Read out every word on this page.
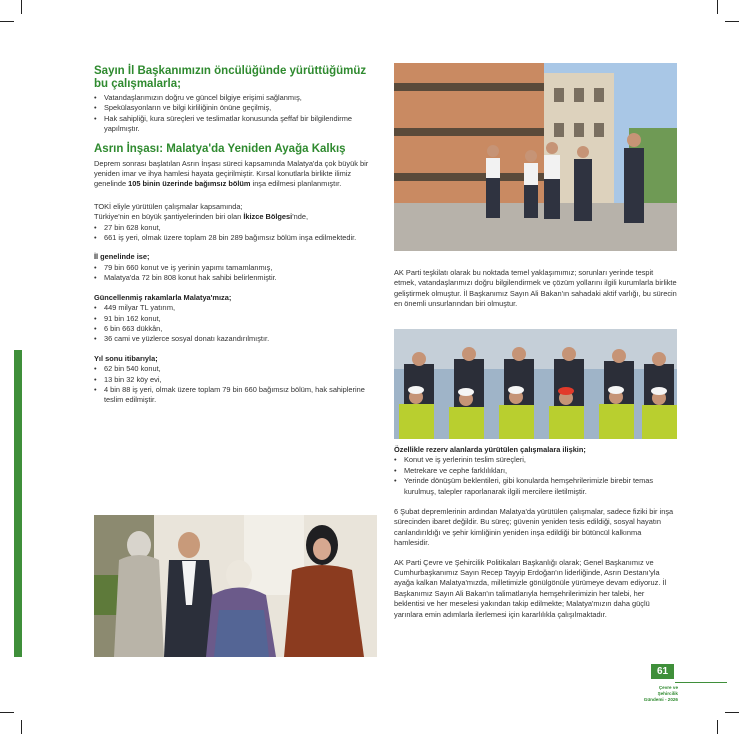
Sayın İl Başkanımızın öncülüğünde yürüttüğümüz bu çalışmalarla;

• Vatandaşlarımızın doğru ve güncel bilgiye erişimi sağlanmış,
• Spekülasyonların ve bilgi kirliliğinin önüne geçilmiş,
• Hak sahipliği, kura süreçleri ve teslimatlar konusunda şeffaf bir bilgilendirme yapılmıştır.

Asrın İnşası: Malatya'da Yeniden Ayağa Kalkış

Deprem sonrası başlatılan Asrın İnşası süreci kapsamında Malatya'da çok büyük bir yeniden imar ve ihya hamlesi hayata geçirilmiştir. Kırsal konutlarla birlikte ilimiz genelinde 105 binin üzerinde bağımsız bölüm inşa edilmesi planlanmıştır.

TOKİ eliyle yürütülen çalışmalar kapsamında;

Türkiye'nin en büyük şantiyelerinden biri olan İkizce Bölgesi'nde,

• 27 bin 628 konut,
• 661 iş yeri, olmak üzere toplam 28 bin 289 bağımsız bölüm inşa edilmektedir.

İl genelinde ise;

• 79 bin 660 konut ve iş yerinin yapımı tamamlanmış,
• Malatya'da 72 bin 808 konut hak sahibi belirlenmiştir.

Güncellenmiş rakamlarla Malatya'mıza;

• 449 milyar TL yatırım,
• 91 bin 162 konut,
• 6 bin 663 dükkân,
• 36 cami ve yüzlerce sosyal donatı kazandırılmıştır.

Yıl sonu itibarıyla;

• 62 bin 540 konut,
• 13 bin 32 köy evi,
• 4 bin 88 iş yeri, olmak üzere toplam 79 bin 660 bağımsız bölüm, hak sahiplerine teslim edilmiştir.

AK Parti teşkilatı olarak bu noktada temel yaklaşımımız; sorunları yerinde tespit etmek, vatandaşlarımızı doğru bilgilendirmek ve çözüm yollarını ilgili kurumlarla birlikte geliştirmek olmuştur. İl Başkanımız Sayın Ali Bakan'ın sahadaki aktif varlığı, bu sürecin en önemli unsurlarından biri olmuştur.

Özellikle rezerv alanlarda yürütülen çalışmalara ilişkin;

• Konut ve iş yerlerinin teslim süreçleri,
• Metrekare ve cephe farklılıkları,
• Yerinde dönüşüm beklentileri, gibi konularda hemşehrilerimizle birebir temas kurulmuş, talepler raporlanarak ilgili mercilere iletilmiştir.

6 Şubat depremlerinin ardından Malatya'da yürütülen çalışmalar, sadece fiziki bir inşa sürecinden ibaret değildir. Bu süreç; güvenin yeniden tesis edildiği, sosyal hayatın canlandırıldığı ve şehir kimliğinin yeniden inşa edildiği bir bütüncül kalkınma hamlesidir.

AK Parti Çevre ve Şehircilik Politikaları Başkanlığı olarak; Genel Başkanımız ve Cumhurbaşkanımız Sayın Recep Tayyip Erdoğan'ın liderliğinde, Asrın Destanı'yla ayağa kalkan Malatya'mızda, milletimizle gönülgönüle yürümeye devam ediyoruz. İl Başkanımız Sayın Ali Bakan'ın talimatlarıyla hemşehrilerimizin her talebi, her beklentisi ve her meselesi yakından takip edilmekte; Malatya'mızın daha güçlü yarınlara emin adımlarla ilerlemesi için kararlılıkla çalışılmaktadır.

61
Çevre ve Şehircilik
Gündemi - 2026
